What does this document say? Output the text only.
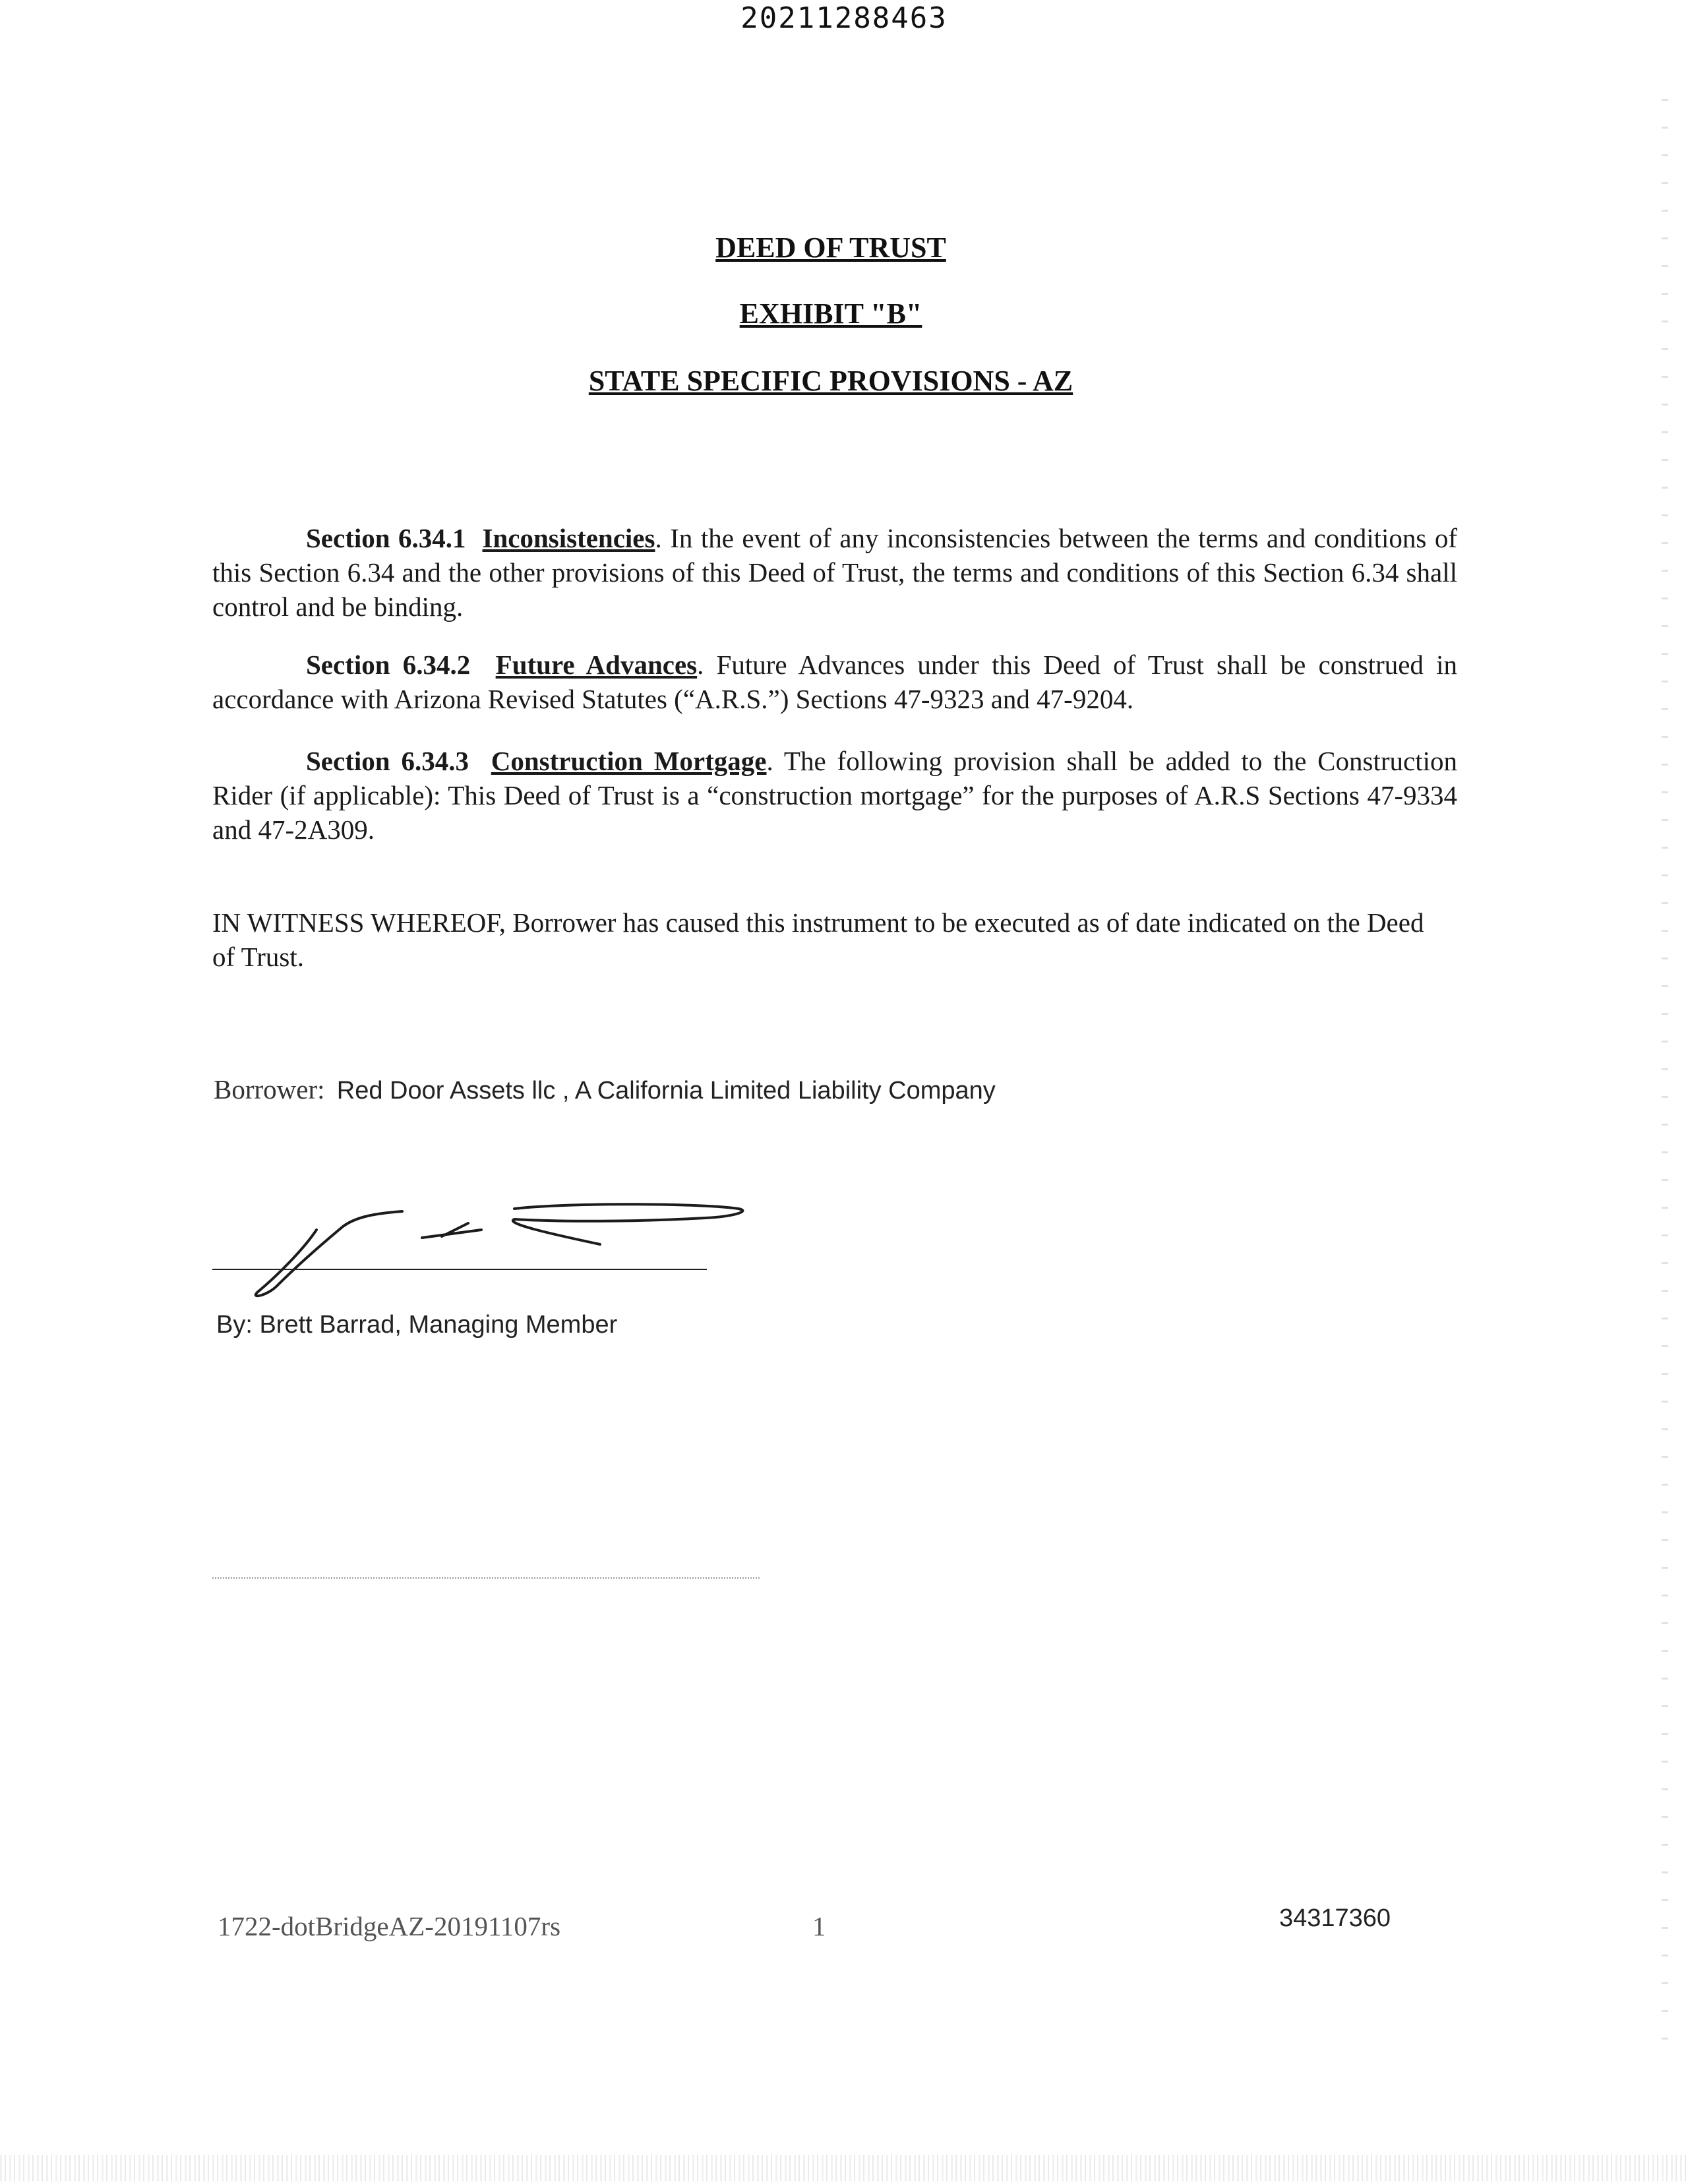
20211288463
DEED OF TRUST
EXHIBIT "B"
STATE SPECIFIC PROVISIONS - AZ
Section 6.34.1 Inconsistencies. In the event of any inconsistencies between the terms and conditions of this Section 6.34 and the other provisions of this Deed of Trust, the terms and conditions of this Section 6.34 shall control and be binding.
Section 6.34.2 Future Advances. Future Advances under this Deed of Trust shall be construed in accordance with Arizona Revised Statutes (“A.R.S.”) Sections 47-9323 and 47-9204.
Section 6.34.3 Construction Mortgage. The following provision shall be added to the Construction Rider (if applicable): This Deed of Trust is a “construction mortgage” for the purposes of A.R.S Sections 47-9334 and 47-2A309.
IN WITNESS WHEREOF, Borrower has caused this instrument to be executed as of date indicated on the Deed of Trust.
Borrower: Red Door Assets llc , A California Limited Liability Company
By: Brett Barrad, Managing Member
1722-dotBridgeAZ-20191107rs	1	34317360
